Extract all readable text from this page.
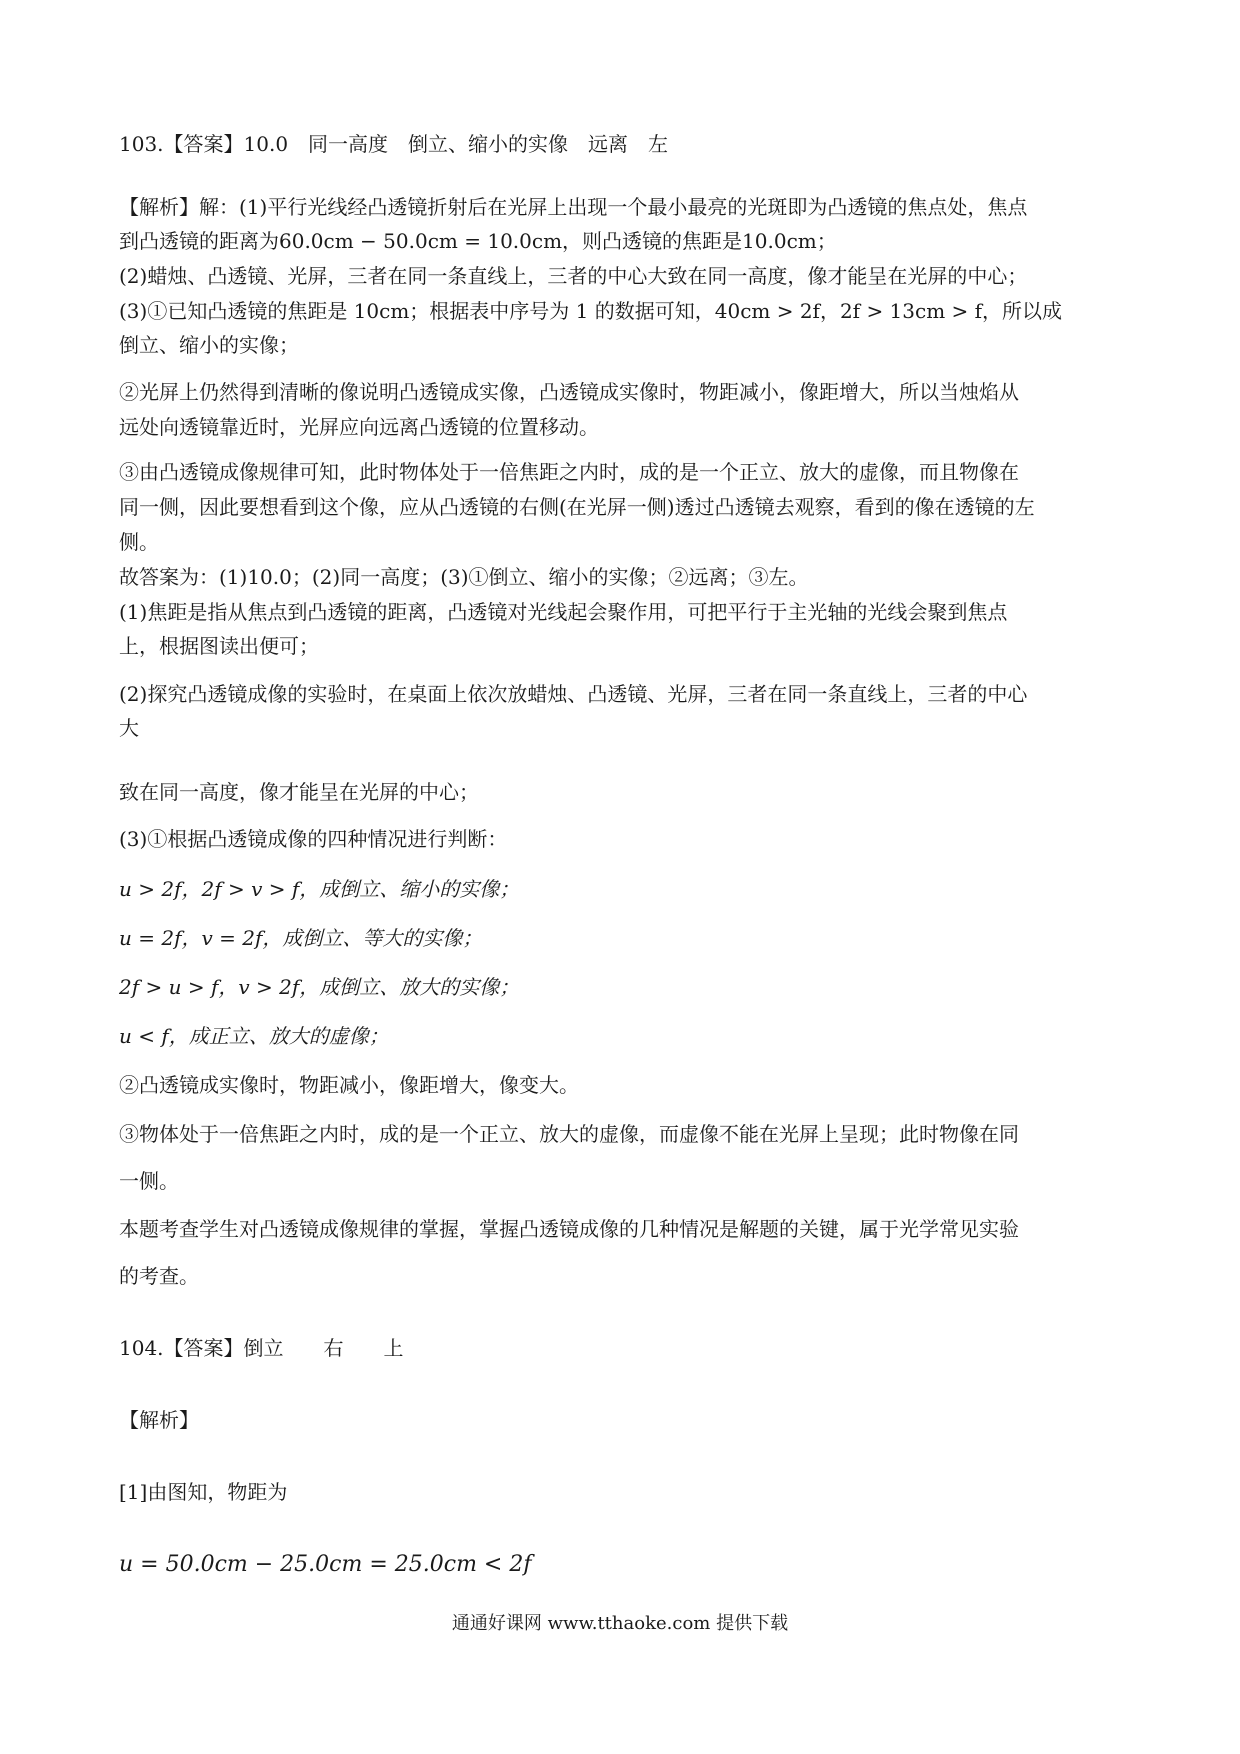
103.【答案】10.0　同一高度　倒立、缩小的实像　远离　左
【解析】解：(1)平行光线经凸透镜折射后在光屏上出现一个最小最亮的光斑即为凸透镜的焦点处，焦点
到凸透镜的距离为60.0cm − 50.0cm = 10.0cm，则凸透镜的焦距是10.0cm；
(2)蜡烛、凸透镜、光屏，三者在同一条直线上，三者的中心大致在同一高度，像才能呈在光屏的中心；
(3)①已知凸透镜的焦距是 10cm；根据表中序号为 1 的数据可知，40cm > 2f，2f > 13cm > f，所以成
倒立、缩小的实像；
②光屏上仍然得到清晰的像说明凸透镜成实像，凸透镜成实像时，物距减小，像距增大，所以当烛焰从
远处向透镜靠近时，光屏应向远离凸透镜的位置移动。
③由凸透镜成像规律可知，此时物体处于一倍焦距之内时，成的是一个正立、放大的虚像，而且物像在
同一侧，因此要想看到这个像，应从凸透镜的右侧(在光屏一侧)透过凸透镜去观察，看到的像在透镜的左
侧。
故答案为：(1)10.0；(2)同一高度；(3)①倒立、缩小的实像；②远离；③左。
(1)焦距是指从焦点到凸透镜的距离，凸透镜对光线起会聚作用，可把平行于主光轴的光线会聚到焦点
上，根据图读出便可；
(2)探究凸透镜成像的实验时，在桌面上依次放蜡烛、凸透镜、光屏，三者在同一条直线上，三者的中心
大
致在同一高度，像才能呈在光屏的中心；
(3)①根据凸透镜成像的四种情况进行判断：
u > 2f，2f > v > f，成倒立、缩小的实像；
u = 2f，v = 2f，成倒立、等大的实像；
2f > u > f，v > 2f，成倒立、放大的实像；
u < f，成正立、放大的虚像；
②凸透镜成实像时，物距减小，像距增大，像变大。
③物体处于一倍焦距之内时，成的是一个正立、放大的虚像，而虚像不能在光屏上呈现；此时物像在同
一侧。
本题考查学生对凸透镜成像规律的掌握，掌握凸透镜成像的几种情况是解题的关键，属于光学常见实验
的考查。
104.【答案】倒立　　右　　上
【解析】
[1]由图知，物距为
u = 50.0cm − 25.0cm = 25.0cm < 2f
通通好课网 www.tthaoke.com 提供下载
